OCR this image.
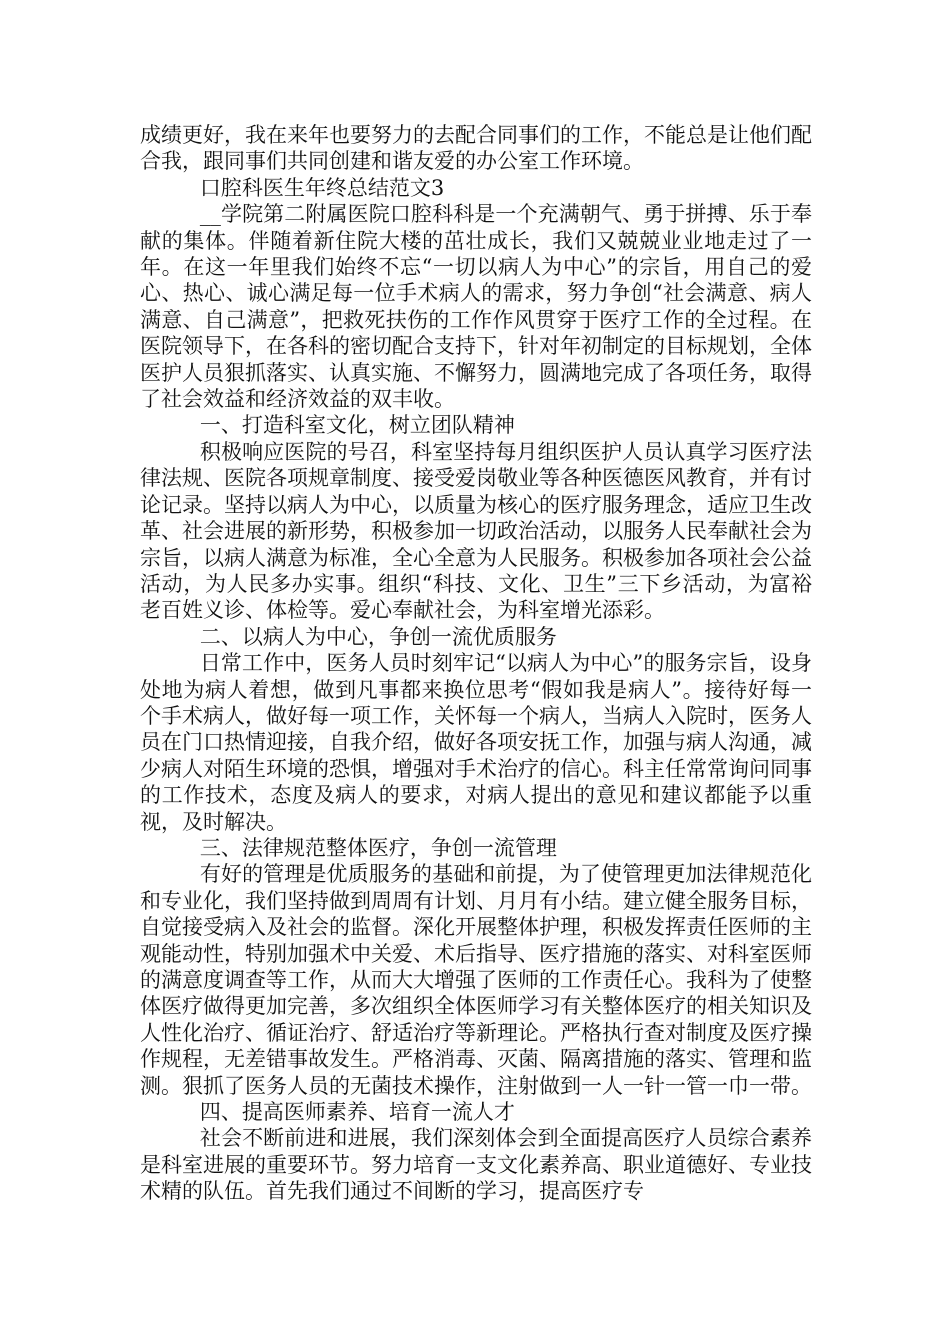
成绩更好，我在来年也要努力的去配合同事们的工作，不能总是让他们配合我，跟同事们共同创建和谐友爱的办公室工作环境。

口腔科医生年终总结范文3

__学院第二附属医院口腔科科是一个充满朝气、勇于拼搏、乐于奉献的集体。伴随着新住院大楼的茁壮成长，我们又兢兢业业地走过了一年。在这一年里我们始终不忘“一切以病人为中心”的宗旨，用自己的爱心、热心、诚心满足每一位手术病人的需求，努力争创“社会满意、病人满意、自己满意”，把救死扶伤的工作作风贯穿于医疗工作的全过程。在医院领导下，在各科的密切配合支持下，针对年初制定的目标规划，全体医护人员狠抓落实、认真实施、不懈努力，圆满地完成了各项任务，取得了社会效益和经济效益的双丰收。

一、打造科室文化，树立团队精神

积极响应医院的号召，科室坚持每月组织医护人员认真学习医疗法律法规、医院各项规章制度、接受爱岗敬业等各种医德医风教育，并有讨论记录。坚持以病人为中心，以质量为核心的医疗服务理念，适应卫生改革、社会进展的新形势，积极参加一切政治活动，以服务人民奉献社会为宗旨，以病人满意为标准，全心全意为人民服务。积极参加各项社会公益活动，为人民多办实事。组织“科技、文化、卫生”三下乡活动，为富裕老百姓义诊、体检等。爱心奉献社会，为科室增光添彩。

二、以病人为中心，争创一流优质服务

日常工作中，医务人员时刻牢记“以病人为中心”的服务宗旨，设身处地为病人着想，做到凡事都来换位思考“假如我是病人”。接待好每一个手术病人，做好每一项工作，关怀每一个病人，当病人入院时，医务人员在门口热情迎接，自我介绍，做好各项安抚工作，加强与病人沟通，减少病人对陌生环境的恐惧，增强对手术治疗的信心。科主任常常询问同事的工作技术，态度及病人的要求，对病人提出的意见和建议都能予以重视，及时解决。

三、法律规范整体医疗，争创一流管理

有好的管理是优质服务的基础和前提，为了使管理更加法律规范化和专业化，我们坚持做到周周有计划、月月有小结。建立健全服务目标，自觉接受病入及社会的监督。深化开展整体护理，积极发挥责任医师的主观能动性，特别加强术中关爱、术后指导、医疗措施的落实、对科室医师的满意度调查等工作，从而大大增强了医师的工作责任心。我科为了使整体医疗做得更加完善，多次组织全体医师学习有关整体医疗的相关知识及人性化治疗、循证治疗、舒适治疗等新理论。严格执行查对制度及医疗操作规程，无差错事故发生。严格消毒、灭菌、隔离措施的落实、管理和监测。狠抓了医务人员的无菌技术操作，注射做到一人一针一管一巾一带。

四、提高医师素养、培育一流人才

社会不断前进和进展，我们深刻体会到全面提高医疗人员综合素养是科室进展的重要环节。努力培育一支文化素养高、职业道德好、专业技术精的队伍。首先我们通过不间断的学习，提高医疗专
